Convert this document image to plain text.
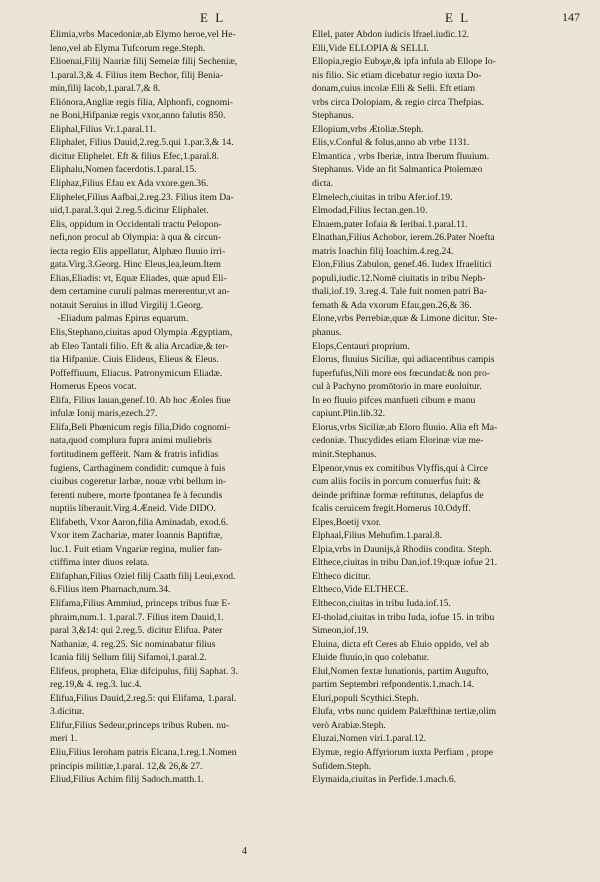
E L	E L	147
Elimia,vrbs Macedoniæ,ab Elymo heroe,vel He-
leno,vel ab Elyma Tufcorum rege.Steph.
Elioenai,Filij Naariæ filij Semeiæ filij Secheniæ,
1.paral.3,& 4. Filius item Bechor, filij Benia-
min,filij Iacob,1.paral.7,& 8.
Eliónora,Angliæ regis filia, Alphonfi, cognomi-
ne Boni,Hifpaniæ regis vxor,anno falutis 850.
Eliphal,Filius Vr.1.paral.11.
Eliphalet, Filius Dauid,2.reg.5.qui 1.par.3,& 14.
dicitur Eliphelet. Eft & filius Efec,1.paral.8.
Eliphalu,Nomen facerdotis.1.paral.15.
Eliphaz,Filius Efau ex Ada vxore.gen.36.
Eliphelet,Filius Aafbai,2.reg.23. Filius item Da-
uid,1.paral.3.qui 2.reg.5.dicitur Eliphalet.
Elis, oppidum in Occidentali tractu Pelopon-
nefi,non procul ab Olympia: à qua & circun-
iecta regio Elis appellatur, Alphæo fluuio irri-
gata.Virg.3.Georg. Hinc Eleus,lea,leum.Item
Elias,Eliadis: vt, Equæ Eliades, quæ apud Eli-
dem certamine curuli palmas mererentur,vt an-
notauit Seruius in illud Virgilij 1.Georg.
-Eliadum palmas Epirus equarum.
Elis,Stephano,ciuitas apud Olympia Ægyptiam,
ab Eleo Tantali filio. Eft & alia Arcadiæ,& ter-
tia Hifpaniæ. Ciuis Elideus, Elieus & Eleus.
Poffeffiuum, Eliacus. Patronymicum Eliadæ.
Homerus Epeos vocat.
Elifa, Filius Iauan,genef.10. Ab hoc Æoles fiue
infulæ Ionij maris,ezech.27.
Elifa,Beli Phœnicum regis filia,Dido cognomi-
nata,quod complura fupra animi muliebris
fortitudinem geffèrit. Nam & fratris infidias
fugiens, Carthaginem condidit: cumque à fuis
ciuibus cogeretur Iarbæ, nouæ vrbi bellum in-
ferenti nubere, morte fpontanea fe à fecundis
nuptiis liberauit.Virg.4.Æneid. Vide DIDO.
Elifabeth, Vxor Aaron,filia Aminadab, exod.6.
Vxor item Zachariæ, mater Ioannis Baptiftæ,
luc.1. Fuit etiam Vngariæ regina, mulier fan-
ctiffima inter diuos relata.
Elifaphan,Filius Oziel filij Caath filij Leui,exod.
6.Filius item Pharnach,num.34.
Elifama,Filius Ammiud, princeps tribus fuæ E-
phraim,num.1. 1.paral.7. Filius item Dauid,1.
paral 3,&14: qui 2.reg.5. dicitur Elifua. Pater
Nathaniæ, 4. reg.25. Sic nominabatur filius
Icania filij Sellum filij Sifamoi,1.paral.2.
Elifeus, propheta, Eliæ difcipulus, filij Saphat. 3.
reg.19,& 4. reg.3. luc.4.
Elifua,Filius Dauid,2.reg.5: qui Elifama, 1.paral.
3.dicitur.
Elifur,Filius Sedeur,princeps tribus Ruben. nu-
meri 1.
Eliu,Filius Ieroham patris Elcana,1.reg.1.Nomen
principis militiæ,1.paral. 12,& 26,& 27.
Eliud,Filius Achim filij Sadoch.matth.1.
Ellel, pater Abdon iudicis Ifrael.iudic.12.
Elli,Vide ELLOPIA & SELLI.
Ellopia,regio Eubϗæ,& ipfa infula ab Ellope Io-
nis filio. Sic etiam dicebatur regio iuxta Do-
donam,cuius incolæ Elli & Selli. Eft etiam
vrbs circa Dolopiam, & regio circa Thefpias.
Stephanus.
Ellopium,vrbs Ætoliæ.Steph.
Elis,v.Conful & folus,anno ab vrbe 1131.
Elmantica , vrbs Iberiæ, intra Iberum fluuium.
Stephanus. Vide an fit Salmantica Ptolemæo
dicta.
Elmelech,ciuitas in tribu Afer.iof.19.
Elmodad,Filius Iectan.gen.10.
Elnaem,pater Iofaia & Ieribai.1.paral.11.
Elnathan,Filius Achobor, ierem.26.Pater Noefta
matris Ioachin filij Ioachim.4.reg.24.
Elon,Filius Zabulon, genef.46. Iudex Ifraelitici
populi,iudic.12.Nomē ciuitatis in tribu Neph-
thali,iof.19. 3.reg.4. Tale fuit nomen patri Ba-
femath & Ada vxorum Efau,gen.26,& 36.
Elone,vrbs Perrebiæ,quæ & Limone dicitur. Ste-
phanus.
Elops,Centauri proprium.
Elorus, fluuius Siciliæ, qui adiacentibus campis
fuperfufus,Nili more eos fœcundat:& non pro-
cul à Pachyno promōtorio in mare euoluitur.
In eo fluuio pifces manfueti cibum e manu
capiunt.Plin.lib.32.
Elorus,vrbs Siciliæ,ab Eloro fluuio. Alia eft Ma-
cedoniæ. Thucydides etiam Elorinæ viæ me-
minit.Stephanus.
Elpenor,vnus ex comitibus Vlyffis,qui à Circe
cum aliis fociis in porcum conuerfus fuit: &
deinde priftinæ formæ reftitutus, delapfus de
fcalis ceruicem fregit.Homerus 10.Odyff.
Elpes,Boetij vxor.
Elphaal,Filius Mehufim.1.paral.8.
Elpia,vrbs in Daunijs,à Rhodiis condita. Steph.
Elthece,ciuitas in tribu Dan,iof.19:quæ iofue 21.
Eltheco dicitur.
Eltheco,Vide ELTHECE.
Elthecon,ciuitas in tribu Iuda.iof.15.
El-tholad,ciuitas in tribu Iuda, iofue 15. in tribu
Simeon,iof.19.
Eluina, dicta eft Ceres ab Eluio oppido, vel ab
Eluide fluuio,in quo colebatur.
Elul,Nomen fextæ lunationis, partim Augufto,
partim Septembri refpondentis.1.mach.14.
Eluri,populi Scythici.Steph.
Elufa, vrbs nunc quidem Palæfthinæ tertiæ,olim
verò Arabiæ.Steph.
Eluzai,Nomen viri.1.paral.12.
Elymæ, regio Affyriorum iuxta Perfiam , prope
Sufidem.Steph.
Elymaida,ciuitas in Perfide.1.mach.6.
4
